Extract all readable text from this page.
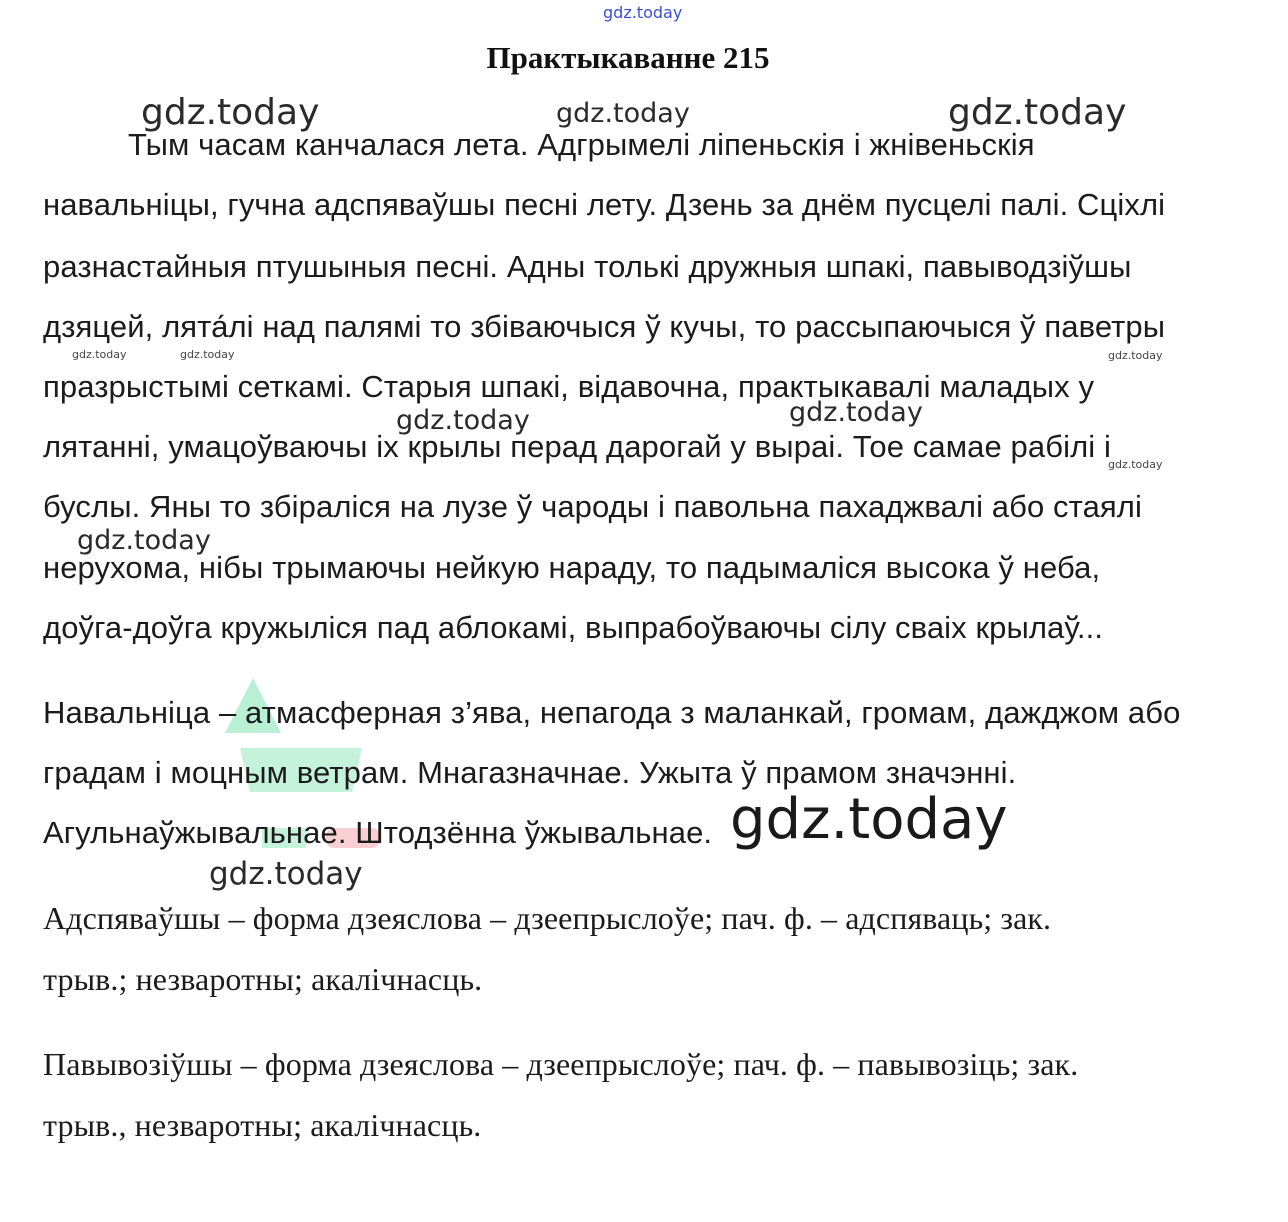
gdz.today
gdz.today	gdz.today	gdz.today
gdz.today	gdz.today	gdz.today
gdz.today	gdz.today
gdz.today
gdz.today
gdz.today
gdz.today
Практыкаванне 215
Тым часам канчалася лета. Адгрымелі ліпеньскія і жнівеньскія
навальніцы, гучна адспяваўшы песні лету. Дзень за днём пусцелі палі. Сціхлі
разнастайныя птушыныя песні. Адны толькі дружныя шпакі, павыводзіўшы
дзяцей, лята́лі над палямі то збіваючыся ў кучы, то рассыпаючыся ў паветры
празрыстымі сеткамі. Старыя шпакі, відавочна, практыкавалі маладых у
лятанні, умацоўваючы іх крылы перад дарогай у выраі. Тое самае рабілі і
буслы. Яны то збіраліся на лузе ў чароды і павольна пахаджвалі або стаялі
нерухома, нібы трымаючы нейкую нараду, то падымаліся высока ў неба,
доўга-доўга кружыліся пад аблокамі, выпрабоўваючы сілу сваіх крылаў...
Навальніца – атмасферная з’ява, непагода з маланкай, громам, дажджом або
градам і моцным ветрам. Мнагазначнае. Ужыта ў прамом значэнні.
Агульнаўжывальнае. Штодзённа ўжывальнае.
Адспяваўшы – форма дзеяслова – дзеепрыслоўе; пач. ф. – адспяваць; зак.
трыв.; незваротны; акалічнасць.
Павывозіўшы – форма дзеяслова – дзеепрыслоўе; пач. ф. – павывозіць; зак.
трыв., незваротны; акалічнасць.
